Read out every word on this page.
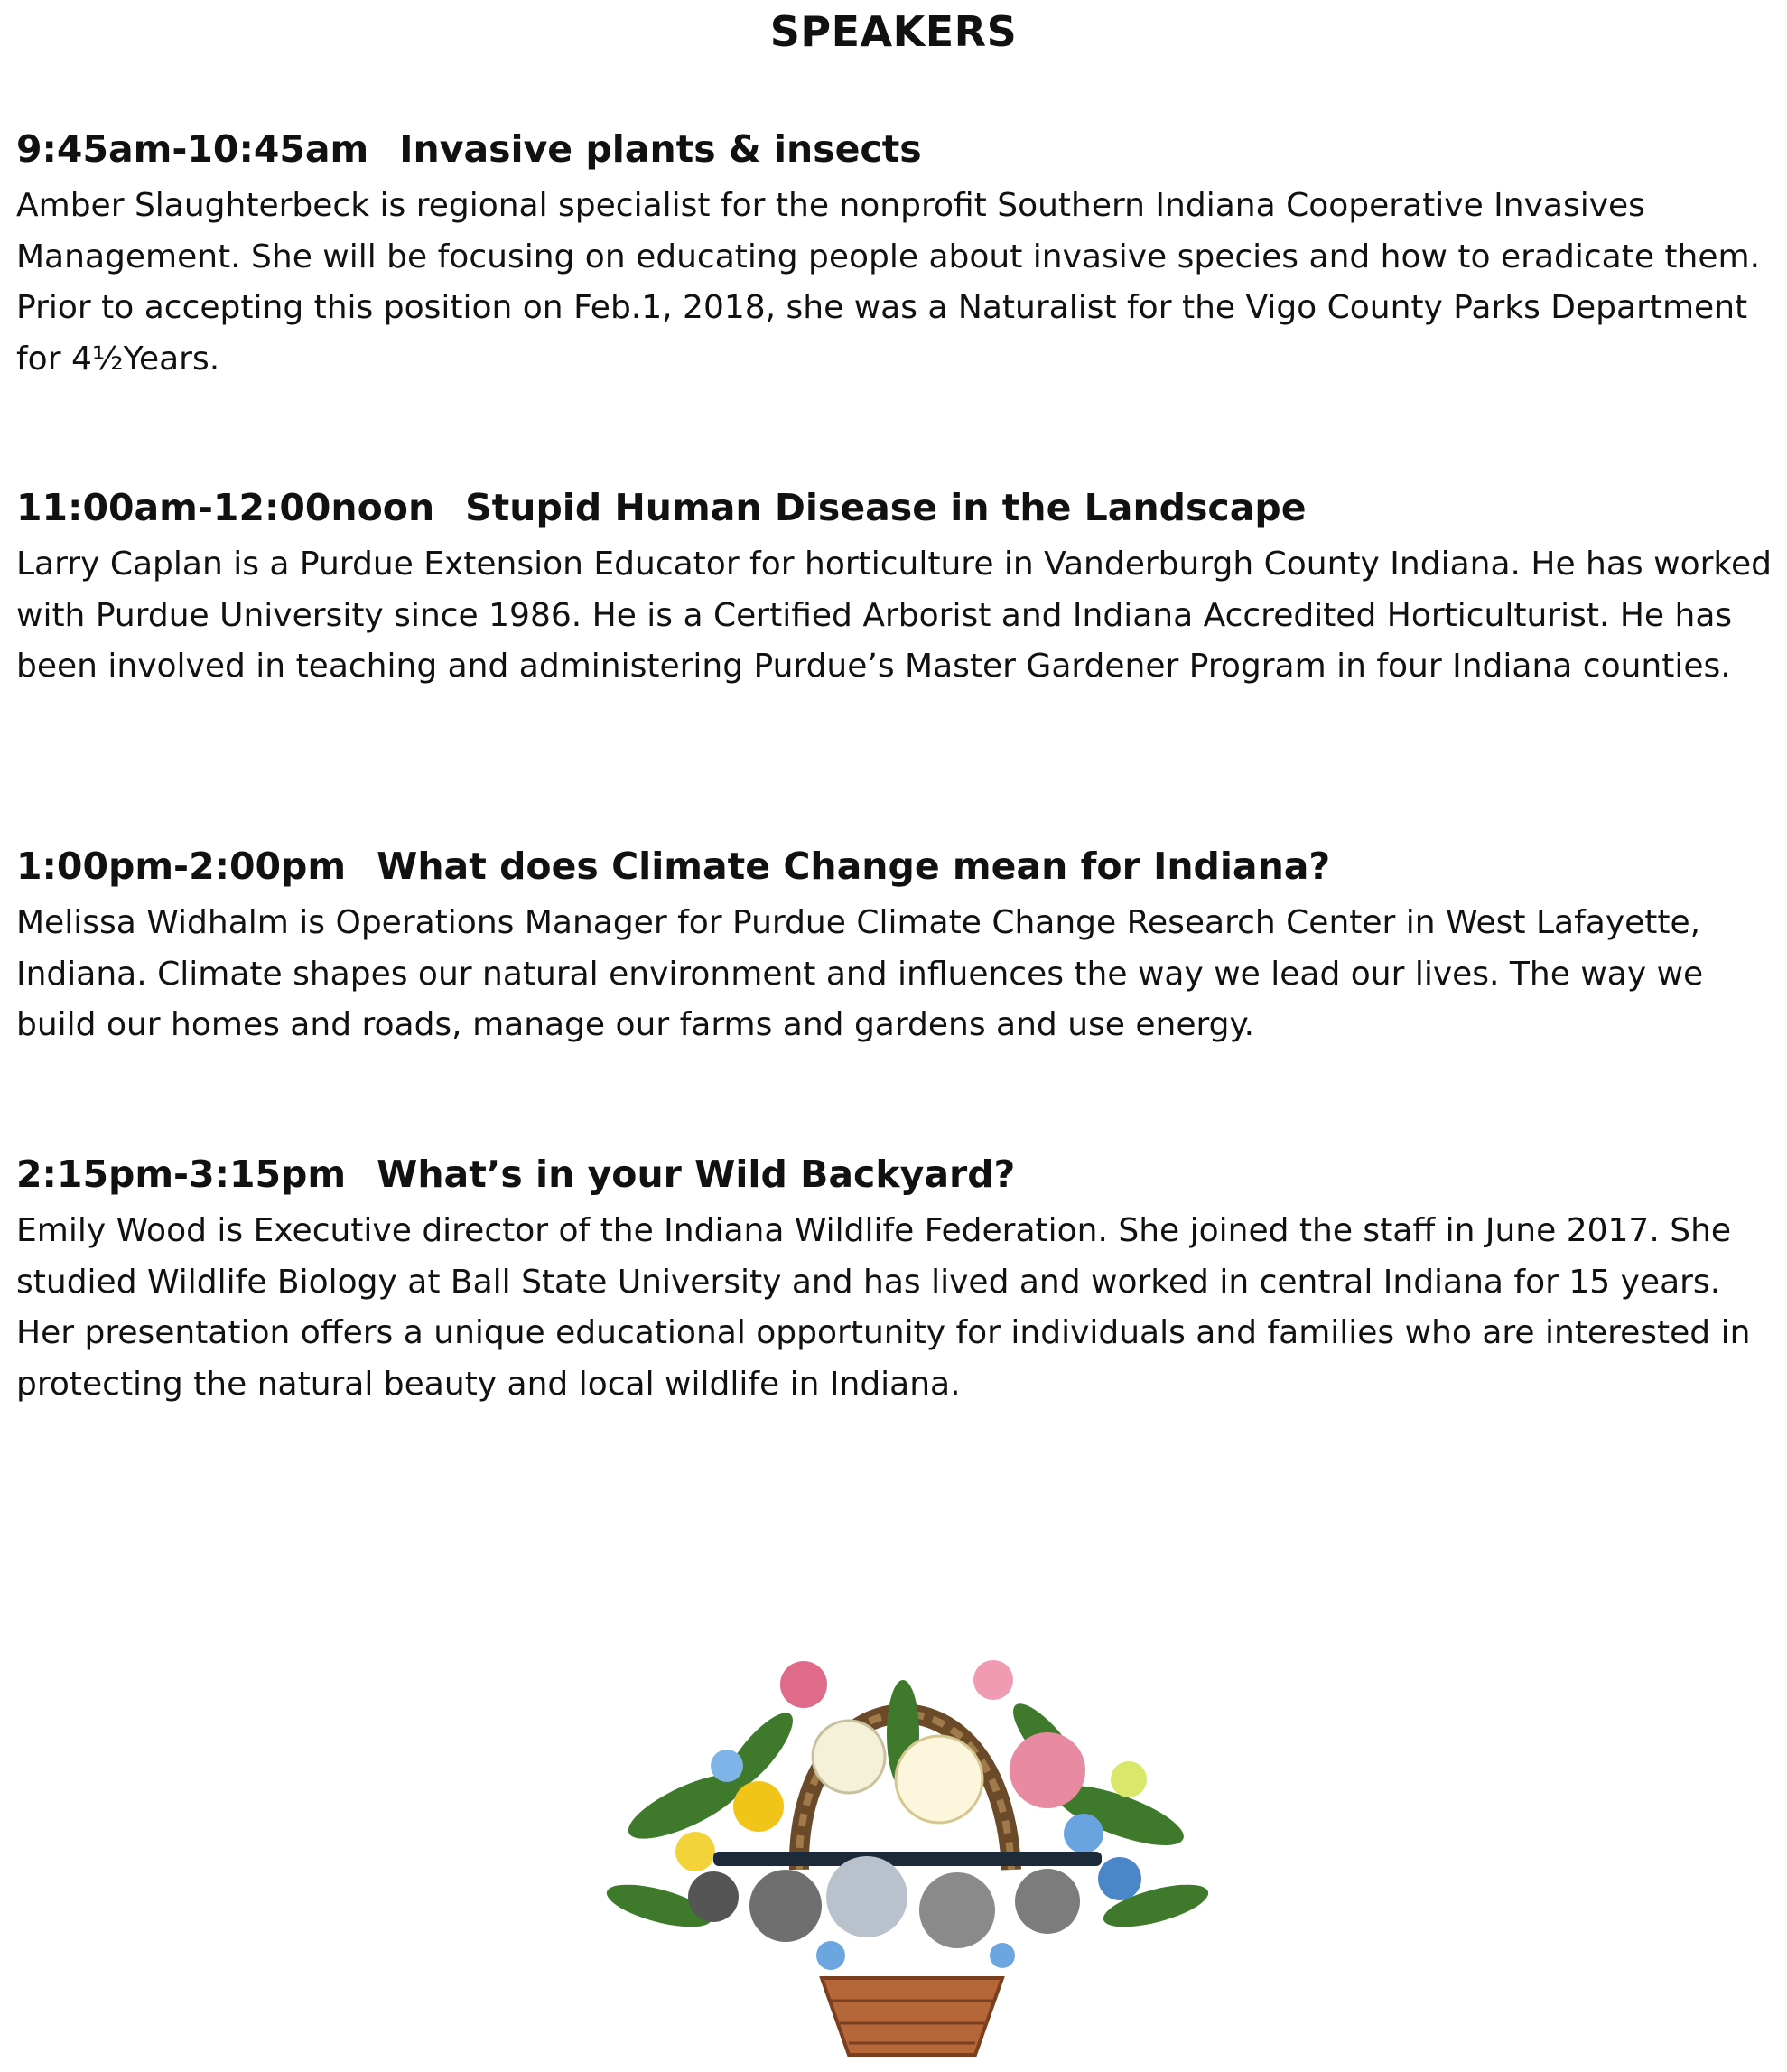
SPEAKERS

9:45am-10:45am Invasive plants & insects

Amber Slaughterbeck is regional specialist for the nonprofit Southern Indiana Cooperative Invasives Management. She will be focusing on educating people about invasive species and how to eradicate them. Prior to accepting this position on Feb.1, 2018, she was a Naturalist for the Vigo County Parks Department for 4½Years.

11:00am-12:00noon Stupid Human Disease in the Landscape

Larry Caplan is a Purdue Extension Educator for horticulture in Vanderburgh County Indiana. He has worked with Purdue University since 1986. He is a Certified Arborist and Indiana Accredited Horticulturist. He has been involved in teaching and administering Purdue’s Master Gardener Program in four Indiana counties.

1:00pm-2:00pm What does Climate Change mean for Indiana?

Melissa Widhalm is Operations Manager for Purdue Climate Change Research Center in West Lafayette, Indiana. Climate shapes our natural environment and influences the way we lead our lives. The way we build our homes and roads, manage our farms and gardens and use energy.

2:15pm-3:15pm What’s in your Wild Backyard?

Emily Wood is Executive director of the Indiana Wildlife Federation. She joined the staff in June 2017. She studied Wildlife Biology at Ball State University and has lived and worked in central Indiana for 15 years. Her presentation offers a unique educational opportunity for individuals and families who are interested in protecting the natural beauty and local wildlife in Indiana.
